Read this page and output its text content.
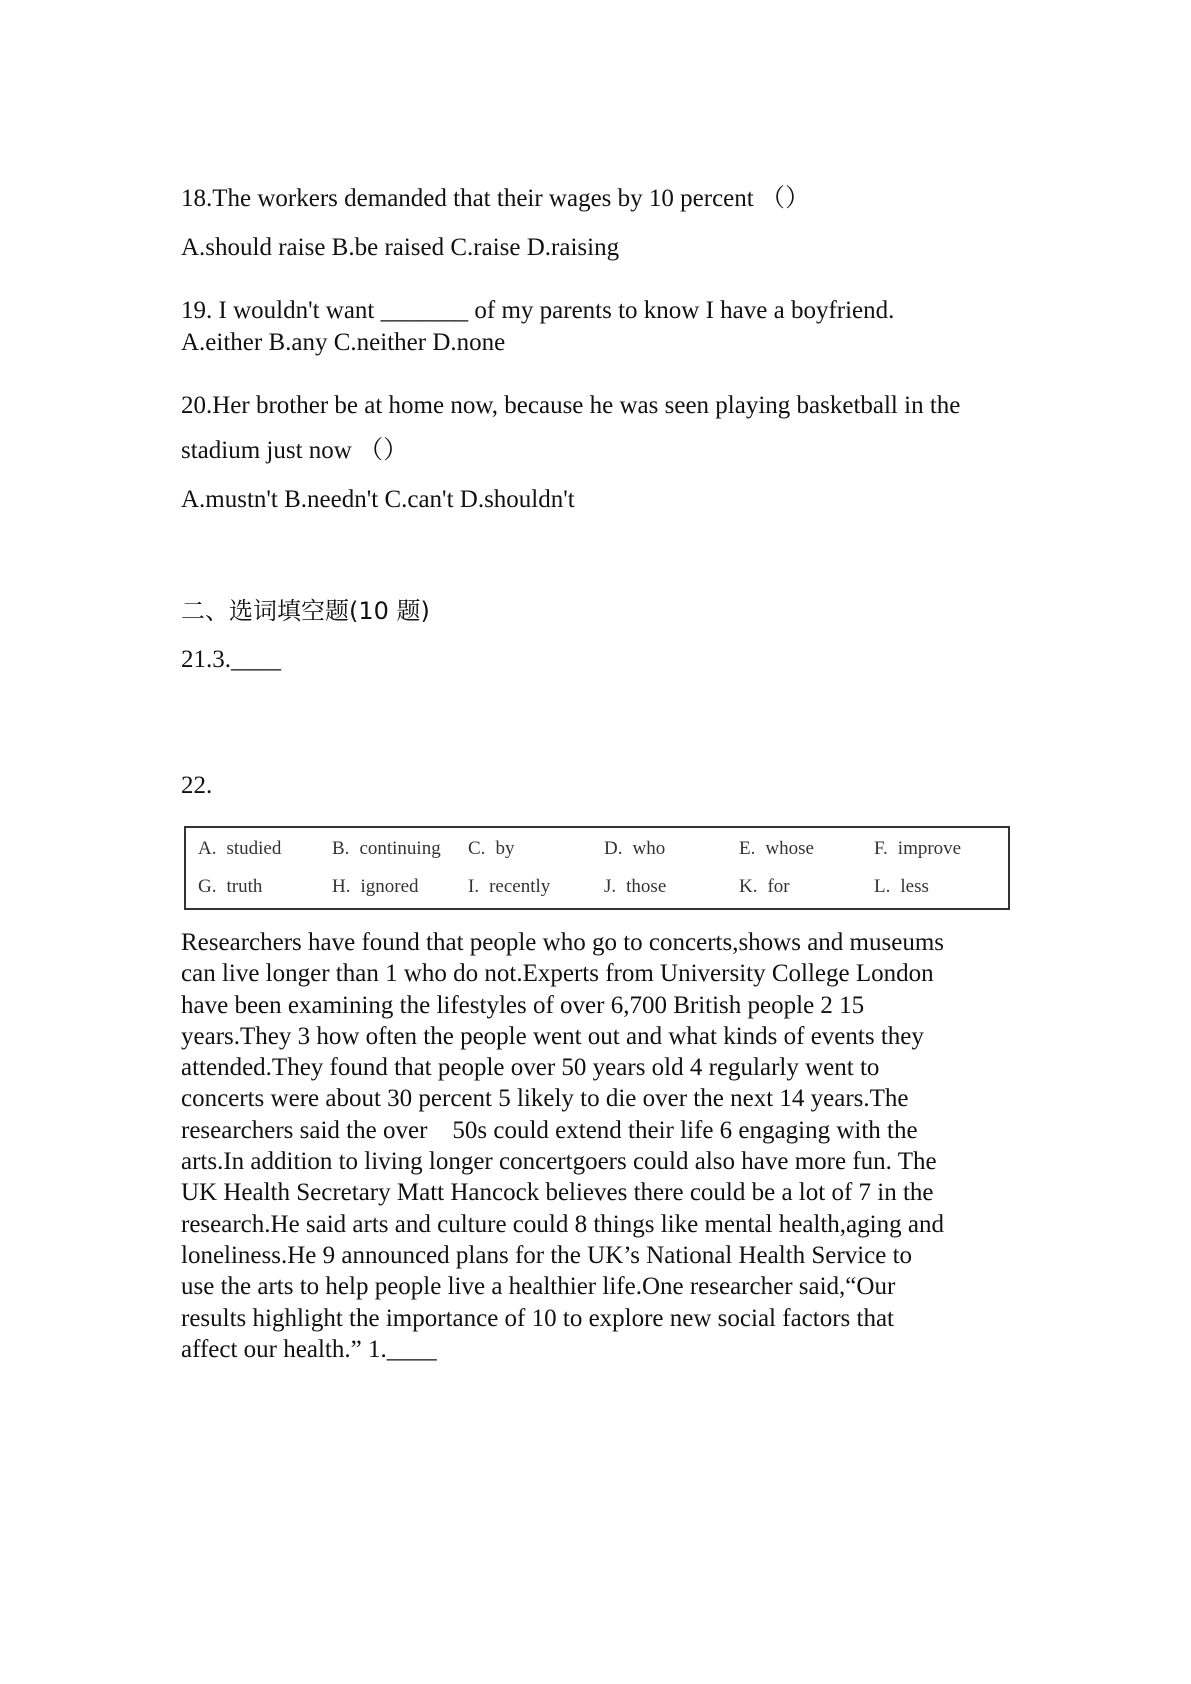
18.The workers demanded that their wages by 10 percent （）
A.should raise B.be raised C.raise D.raising
19. I wouldn't want _______ of my parents to know I have a boyfriend.
A.either B.any C.neither D.none
20.Her brother be at home now, because he was seen playing basketball in the
stadium just now （）
A.mustn't B.needn't C.can't D.shouldn't
二、选词填空题(10 题)
21.3.____
22.
A. studied	B. continuing C. by	D. who	E. whose	F. improve
G. truth	H. ignored	I. recently	J. those	K. for	L. less
Researchers have found that people who go to concerts,shows and museums
can live longer than 1 who do not.Experts from University College London
have been examining the lifestyles of over 6,700 British people 2 15
years.They 3 how often the people went out and what kinds of events they
attended.They found that people over 50 years old 4 regularly went to
concerts were about 30 percent 5 likely to die over the next 14 years.The
researchers said the over    50s could extend their life 6 engaging with the
arts.In addition to living longer concertgoers could also have more fun. The
UK Health Secretary Matt Hancock believes there could be a lot of 7 in the
research.He said arts and culture could 8 things like mental health,aging and
loneliness.He 9 announced plans for the UK’s National Health Service to
use the arts to help people live a healthier life.One researcher said,“Our
results highlight the importance of 10 to explore new social factors that
affect our health.” 1.____
